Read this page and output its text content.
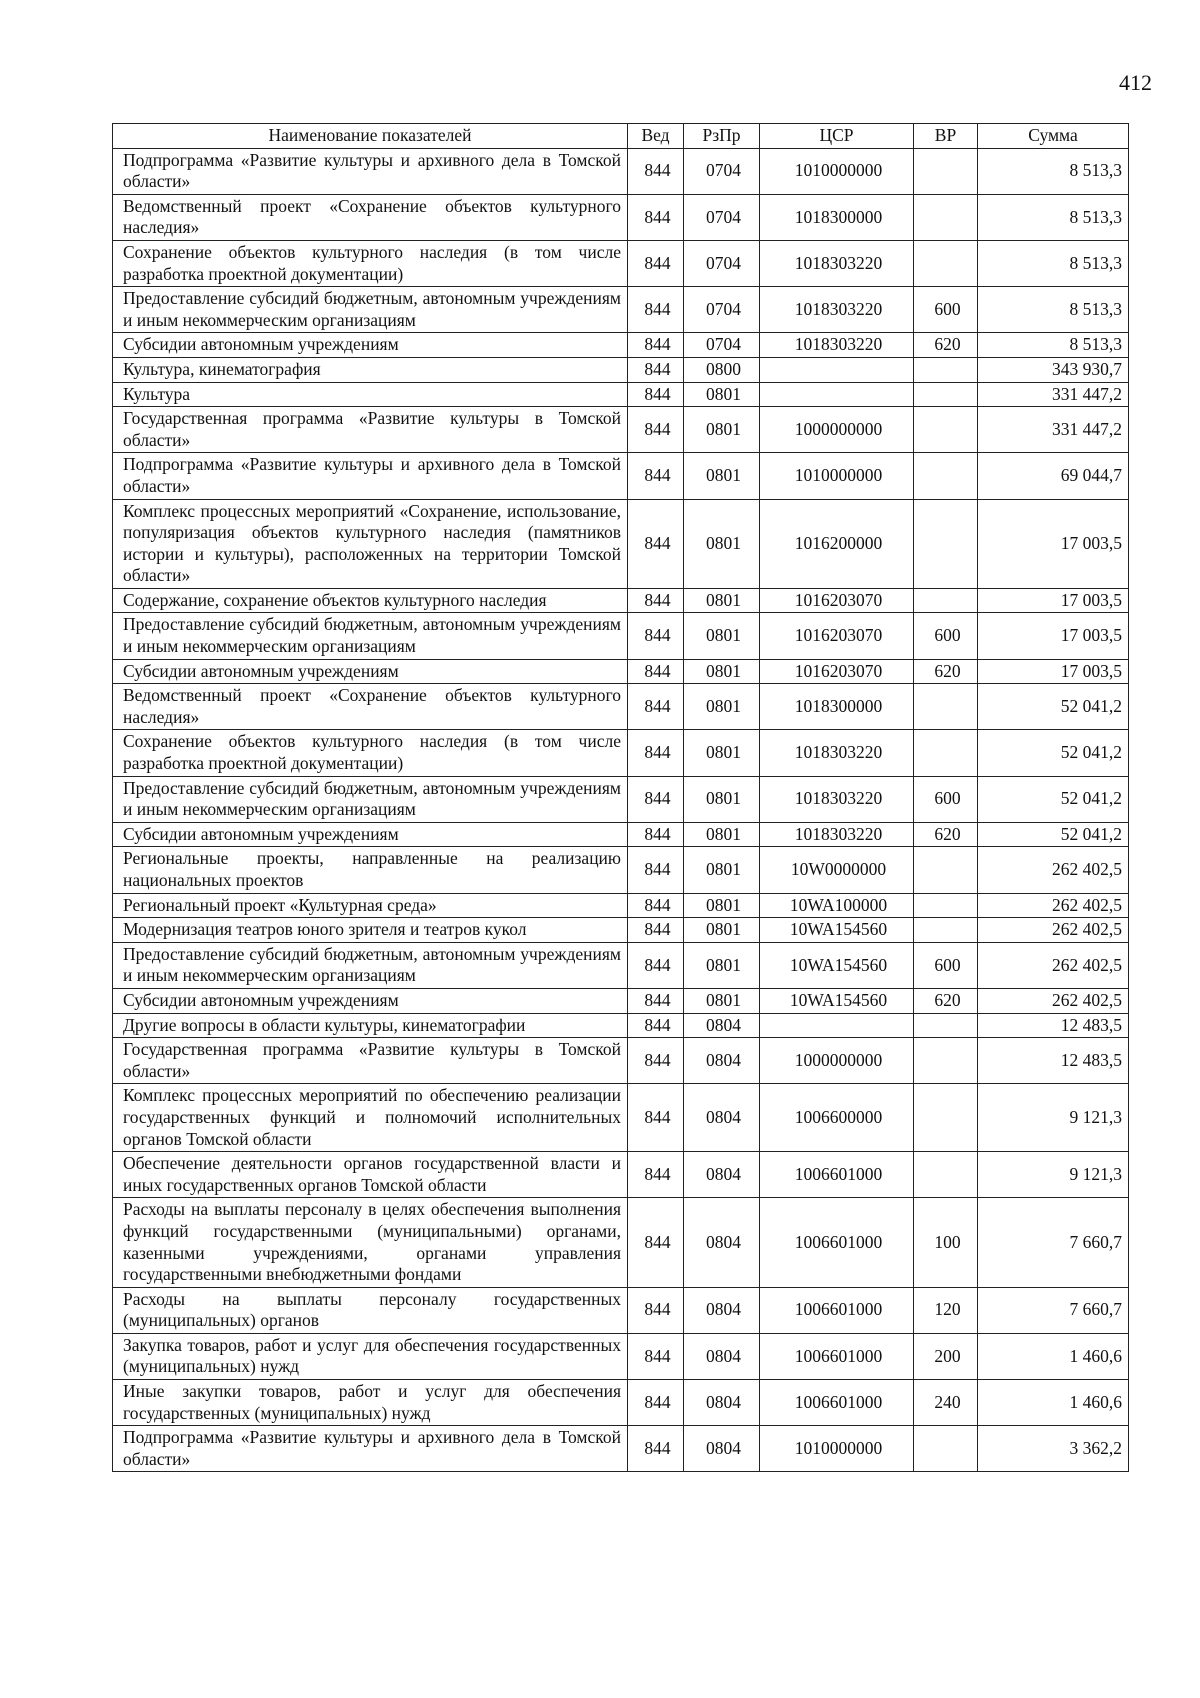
412
Наименование показателей	Вед	РзПр	ЦСР	ВР	Сумма
Подпрограмма «Развитие культуры и архивного дела в Томской области»	844	0704	1010000000		8 513,3
Ведомственный проект «Сохранение объектов культурного наследия»	844	0704	1018300000		8 513,3
Сохранение объектов культурного наследия (в том числе разработка проектной документации)	844	0704	1018303220		8 513,3
Предоставление субсидий бюджетным, автономным учреждениям и иным некоммерческим организациям	844	0704	1018303220	600	8 513,3
Субсидии автономным учреждениям	844	0704	1018303220	620	8 513,3
Культура, кинематография	844	0800			343 930,7
Культура	844	0801			331 447,2
Государственная программа «Развитие культуры в Томской области»	844	0801	1000000000		331 447,2
Подпрограмма «Развитие культуры и архивного дела в Томской области»	844	0801	1010000000		69 044,7
Комплекс процессных мероприятий «Сохранение, использование, популяризация объектов культурного наследия (памятников истории и культуры), расположенных на территории Томской области»	844	0801	1016200000		17 003,5
Содержание, сохранение объектов культурного наследия	844	0801	1016203070		17 003,5
Предоставление субсидий бюджетным, автономным учреждениям и иным некоммерческим организациям	844	0801	1016203070	600	17 003,5
Субсидии автономным учреждениям	844	0801	1016203070	620	17 003,5
Ведомственный проект «Сохранение объектов культурного наследия»	844	0801	1018300000		52 041,2
Сохранение объектов культурного наследия (в том числе разработка проектной документации)	844	0801	1018303220		52 041,2
Предоставление субсидий бюджетным, автономным учреждениям и иным некоммерческим организациям	844	0801	1018303220	600	52 041,2
Субсидии автономным учреждениям	844	0801	1018303220	620	52 041,2
Региональные проекты, направленные на реализацию национальных проектов	844	0801	10W0000000		262 402,5
Региональный проект «Культурная среда»	844	0801	10WA100000		262 402,5
Модернизация театров юного зрителя и театров кукол	844	0801	10WA154560		262 402,5
Предоставление субсидий бюджетным, автономным учреждениям и иным некоммерческим организациям	844	0801	10WA154560	600	262 402,5
Субсидии автономным учреждениям	844	0801	10WA154560	620	262 402,5
Другие вопросы в области культуры, кинематографии	844	0804			12 483,5
Государственная программа «Развитие культуры в Томской области»	844	0804	1000000000		12 483,5
Комплекс процессных мероприятий по обеспечению реализации государственных функций и полномочий исполнительных органов Томской области	844	0804	1006600000		9 121,3
Обеспечение деятельности органов государственной власти и иных государственных органов Томской области	844	0804	1006601000		9 121,3
Расходы на выплаты персоналу в целях обеспечения выполнения функций государственными (муниципальными) органами, казенными учреждениями, органами управления государственными внебюджетными фондами	844	0804	1006601000	100	7 660,7
Расходы на выплаты персоналу государственных (муниципальных) органов	844	0804	1006601000	120	7 660,7
Закупка товаров, работ и услуг для обеспечения государственных (муниципальных) нужд	844	0804	1006601000	200	1 460,6
Иные закупки товаров, работ и услуг для обеспечения государственных (муниципальных) нужд	844	0804	1006601000	240	1 460,6
Подпрограмма «Развитие культуры и архивного дела в Томской области»	844	0804	1010000000		3 362,2
